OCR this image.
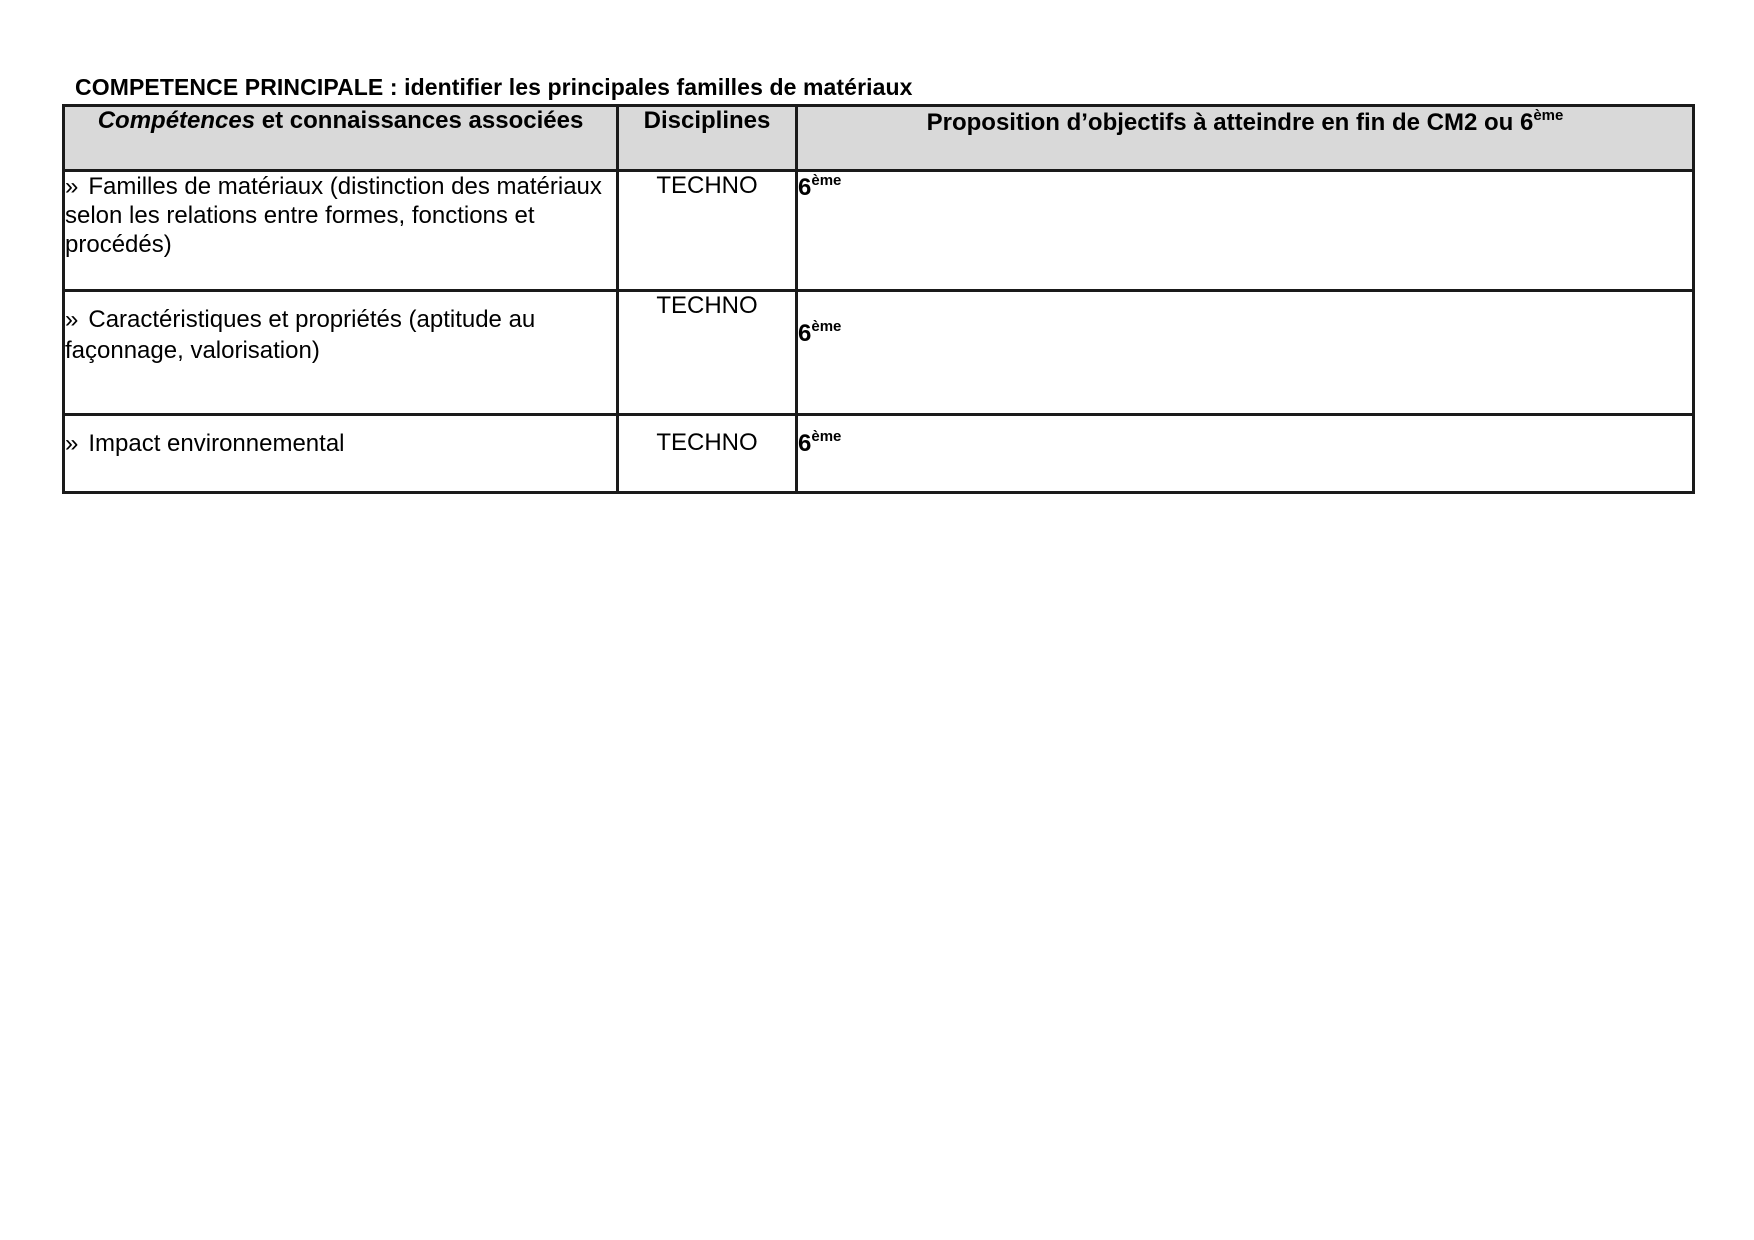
COMPETENCE PRINCIPALE : identifier les principales familles de matériaux
Compétences et connaissances associées	Disciplines	Proposition d’objectifs à atteindre en fin de CM2 ou 6ème
» Familles de matériaux (distinction des matériaux selon les relations entre formes, fonctions et procédés)	TECHNO	6ème
» Caractéristiques et propriétés (aptitude au façonnage, valorisation)	TECHNO	6ème
» Impact environnemental	TECHNO	6ème
